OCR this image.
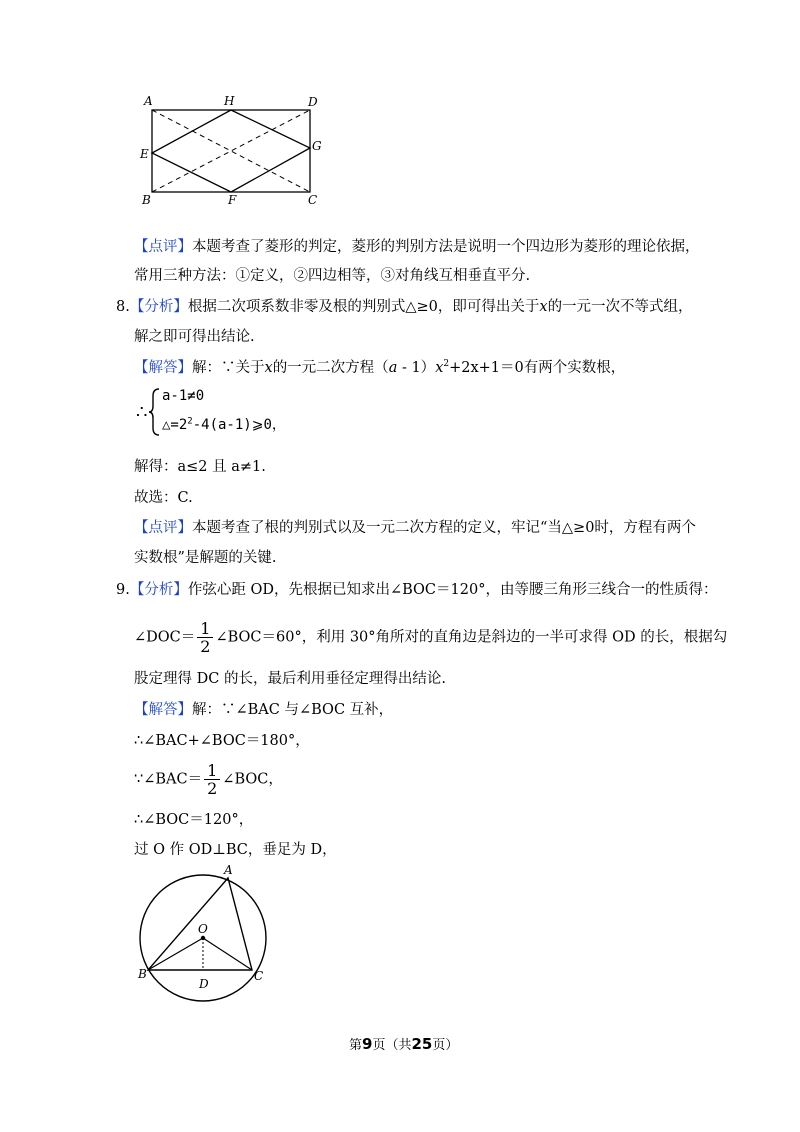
A	H	D
E
G
B	F	C
【点评】本题考查了菱形的判定，菱形的判别方法是说明一个四边形为菱形的理论依据，
常用三种方法：①定义，②四边相等，③对角线互相垂直平分.
8.【分析】根据二次项系数非零及根的判别式△≥0，即可得出关于x的一元一次不等式组，
解之即可得出结论.
【解答】解：∵关于x的一元二次方程$(a - 1)x^2+2x+1=0$有两个实数根，
∴
a-1≠0
$\triangle=2^2-4(a-1)⩾0$，
解得：a≤2 且 a≠1.
故选：C.
【点评】本题考查了根的判别式以及一元二次方程的定义，牢记“当△≥0时，方程有两个
实数根”是解题的关键.
9.【分析】作弦心距 OD，先根据已知求出∠BOC＝120°，由等腰三角形三线合一的性质得：
∠DOC＝ $\frac{1}{2}$ ∠BOC＝60°，利用 30°角所对的直角边是斜边的一半可求得 OD 的长，根据勾
股定理得 DC 的长，最后利用垂径定理得出结论.
【解答】解：∵∠BAC 与∠BOC 互补，
∴∠BAC+∠BOC＝180°，
∵∠BAC＝ $\frac{1}{2}$ ∠BOC，
∴∠BOC＝120°，
过 O 作 OD⊥BC，垂足为 D，
A
O
B	C
D
第9页（共25页）
